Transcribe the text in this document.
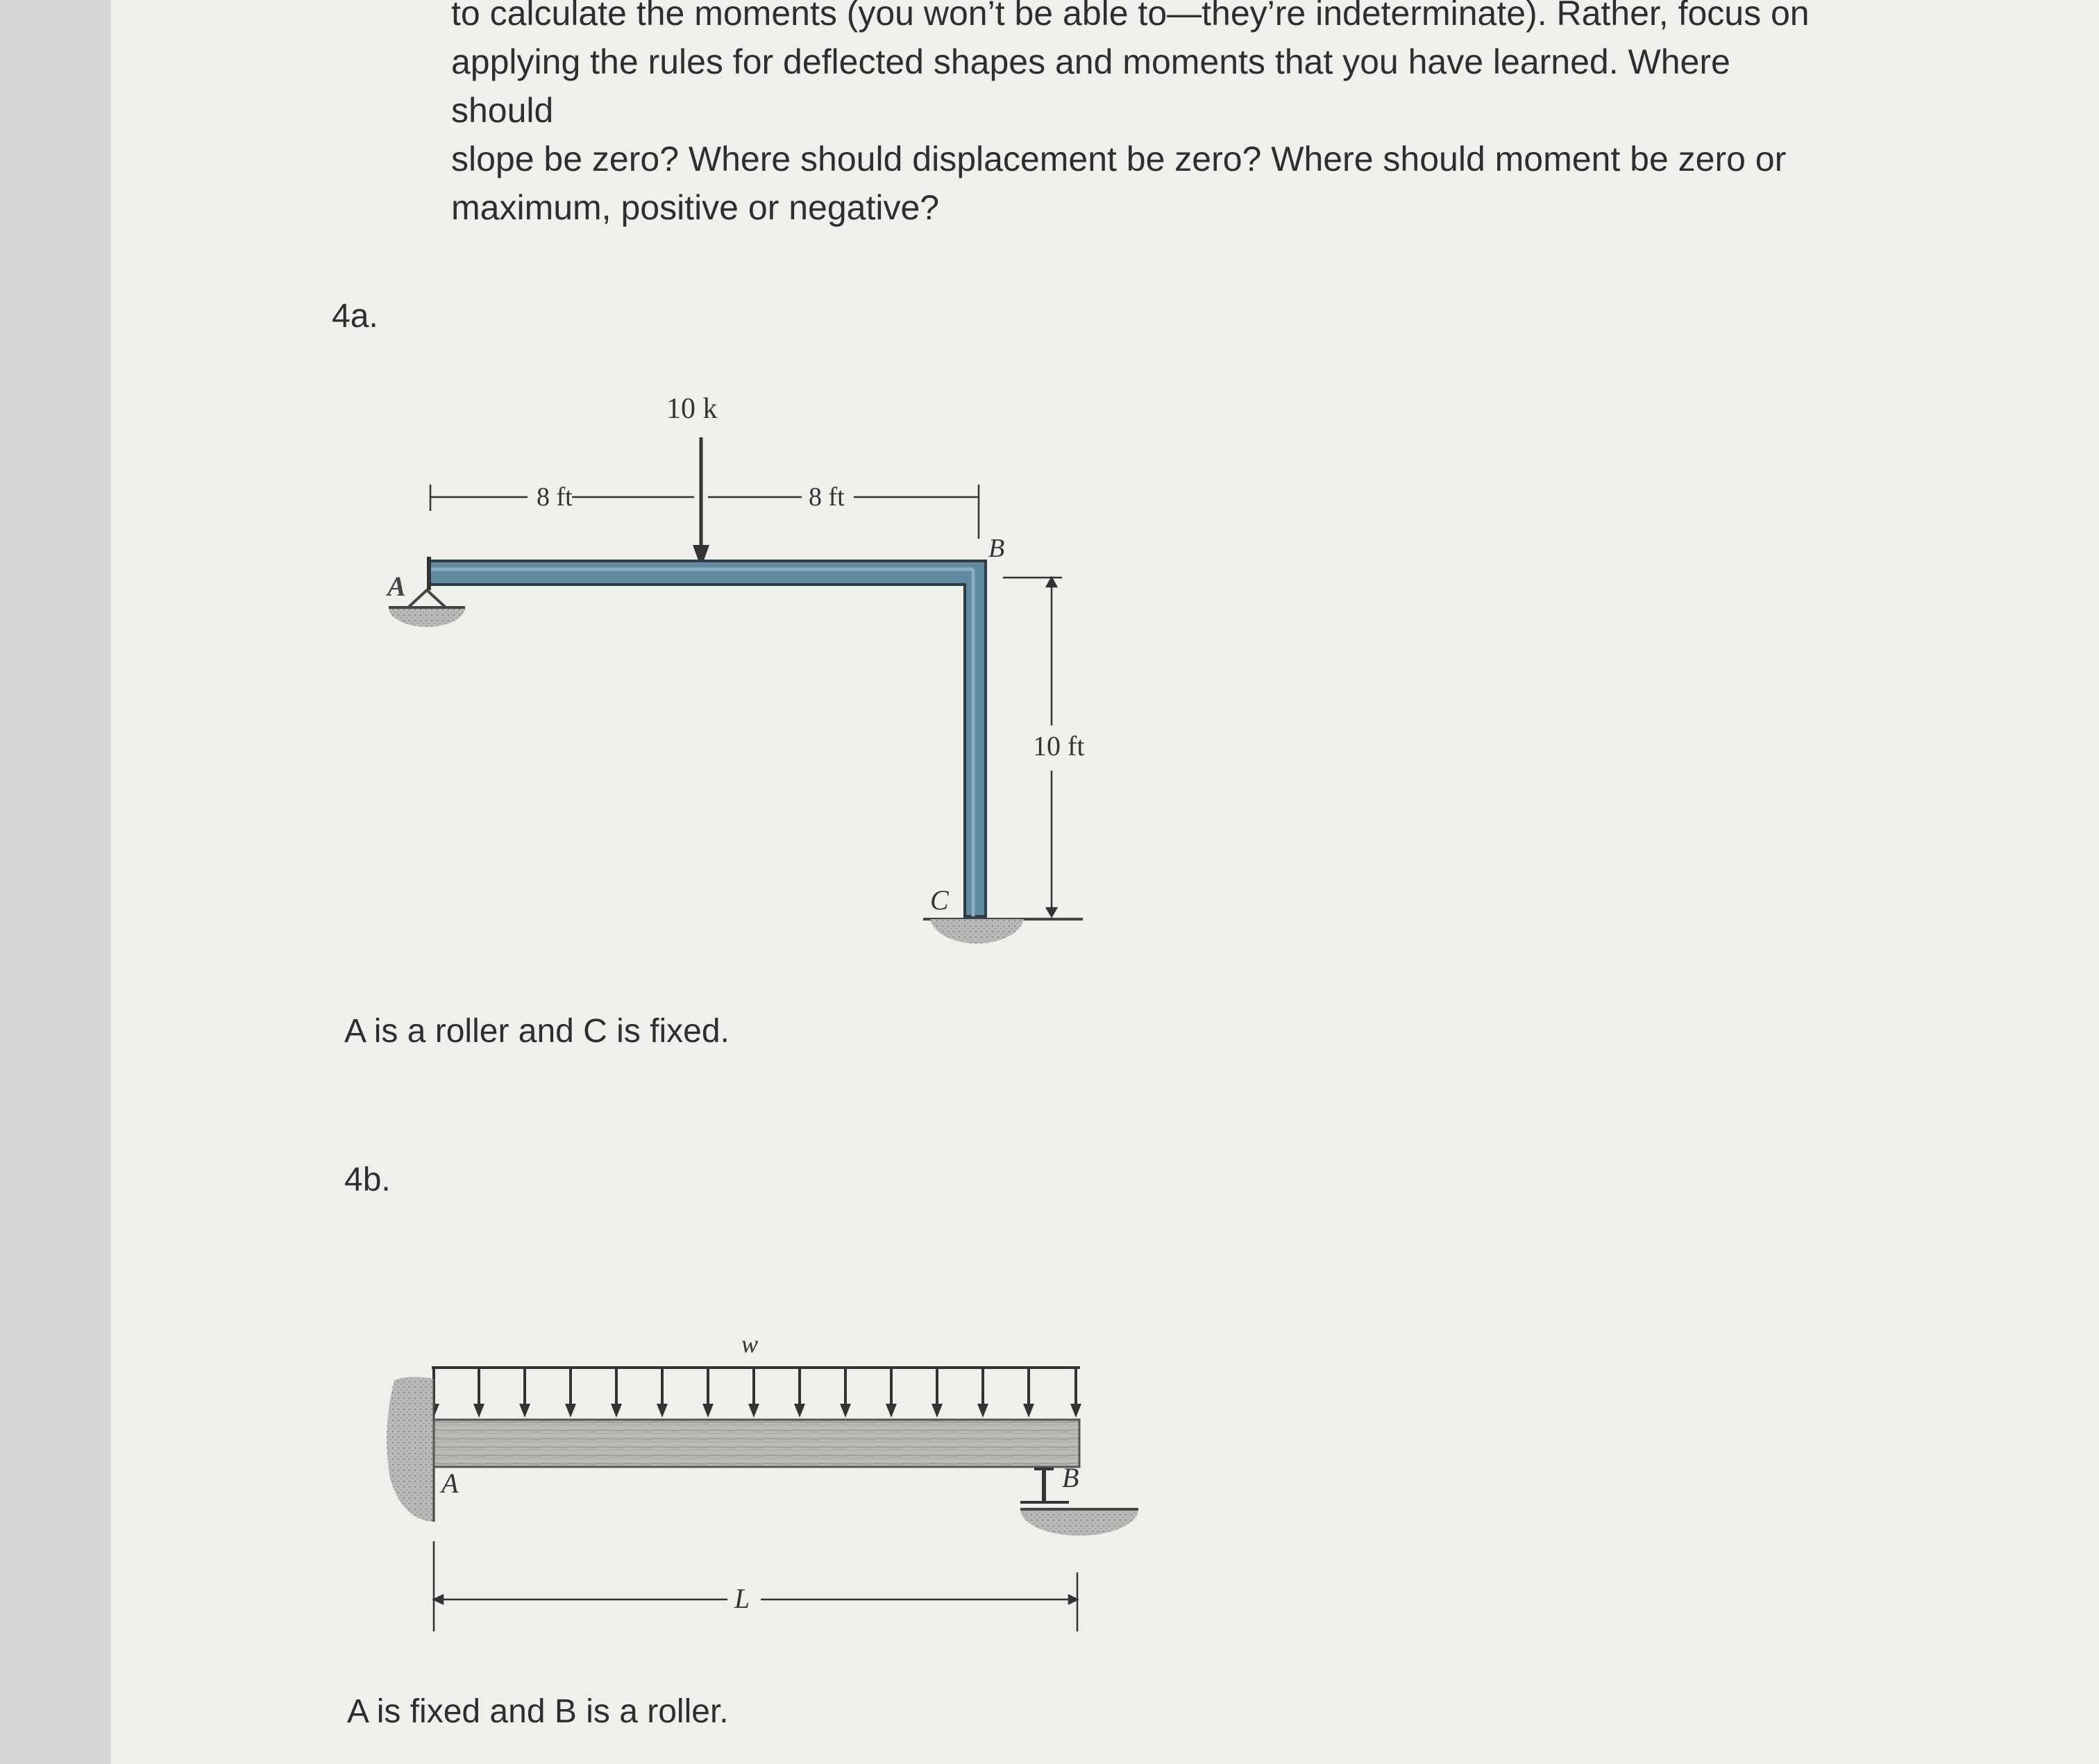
to calculate the moments (you won’t be able to—they’re indeterminate). Rather, focus on

applying the rules for deflected shapes and moments that you have learned. Where should

slope be zero? Where should displacement be zero? Where should moment be zero or

maximum, positive or negative?

4a.
8 ft	8 ft
10 k
A
B
10 ft
C
A is a roller and C is fixed.
4b.
w
A	B
L
A is fixed and B is a roller.
